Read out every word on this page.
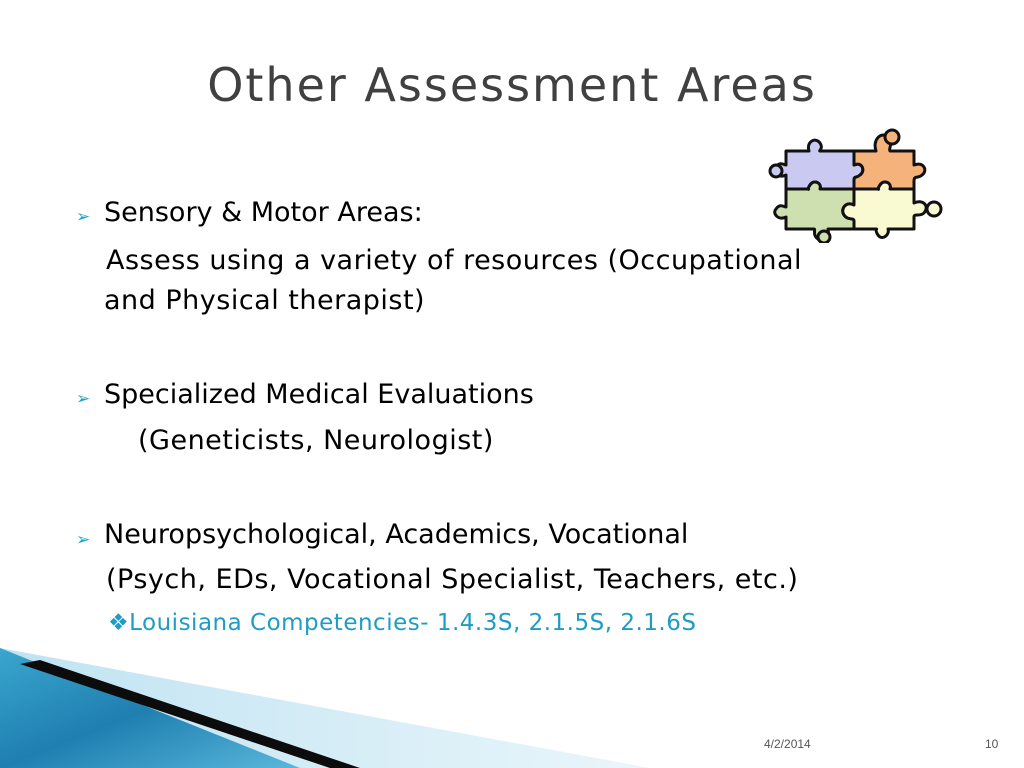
Other Assessment Areas
➢ Sensory & Motor Areas:
Assess using a variety of resources (Occupational
and Physical therapist)
➢ Specialized Medical Evaluations
(Geneticists, Neurologist)
➢ Neuropsychological, Academics, Vocational
(Psych, EDs, Vocational Specialist, Teachers, etc.)
❖Louisiana Competencies- 1.4.3S, 2.1.5S, 2.1.6S
4/2/2014	10
